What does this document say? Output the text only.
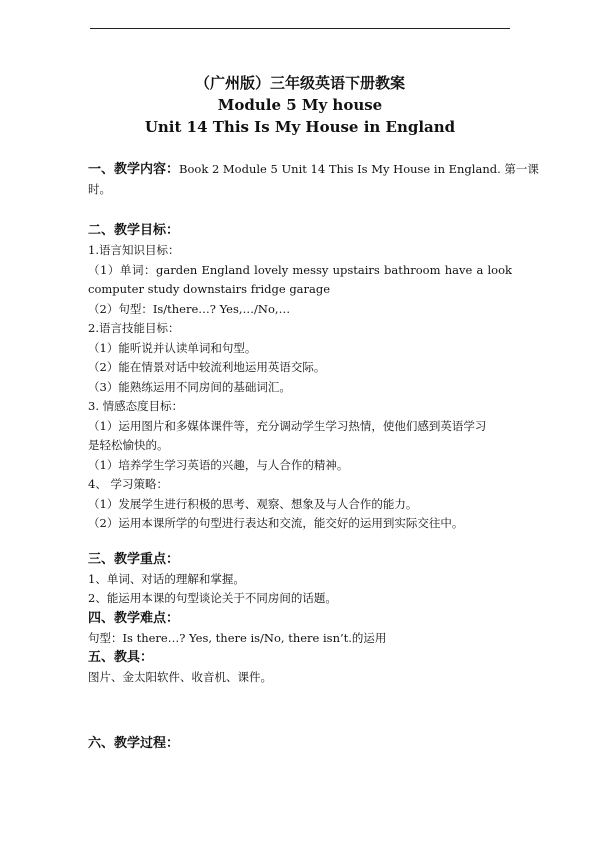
（广州版）三年级英语下册教案
Module 5 My house
Unit 14 This Is My House in England
一、教学内容：Book 2 Module 5 Unit 14 This Is My House in England. 第一课
时。
二、教学目标：
1.语言知识目标：
（1）单词：garden England lovely messy upstairs bathroom have a look
computer study downstairs fridge garage
（2）句型：Is/there…? Yes,…/No,…
2.语言技能目标：
（1）能听说并认读单词和句型。
（2）能在情景对话中较流利地运用英语交际。
（3）能熟练运用不同房间的基础词汇。
3. 情感态度目标：
（1）运用图片和多媒体课件等，充分调动学生学习热情，使他们感到英语学习
是轻松愉快的。
（1）培养学生学习英语的兴趣，与人合作的精神。
4、 学习策略：
（1）发展学生进行积极的思考、观察、想象及与人合作的能力。
（2）运用本课所学的句型进行表达和交流，能交好的运用到实际交往中。
三、教学重点：
1、单词、对话的理解和掌握。
2、能运用本课的句型谈论关于不同房间的话题。
四、教学难点：
句型：Is there…? Yes, there is/No, there isn’t.的运用
五、教具：
图片、金太阳软件、收音机、课件。
六、教学过程：
